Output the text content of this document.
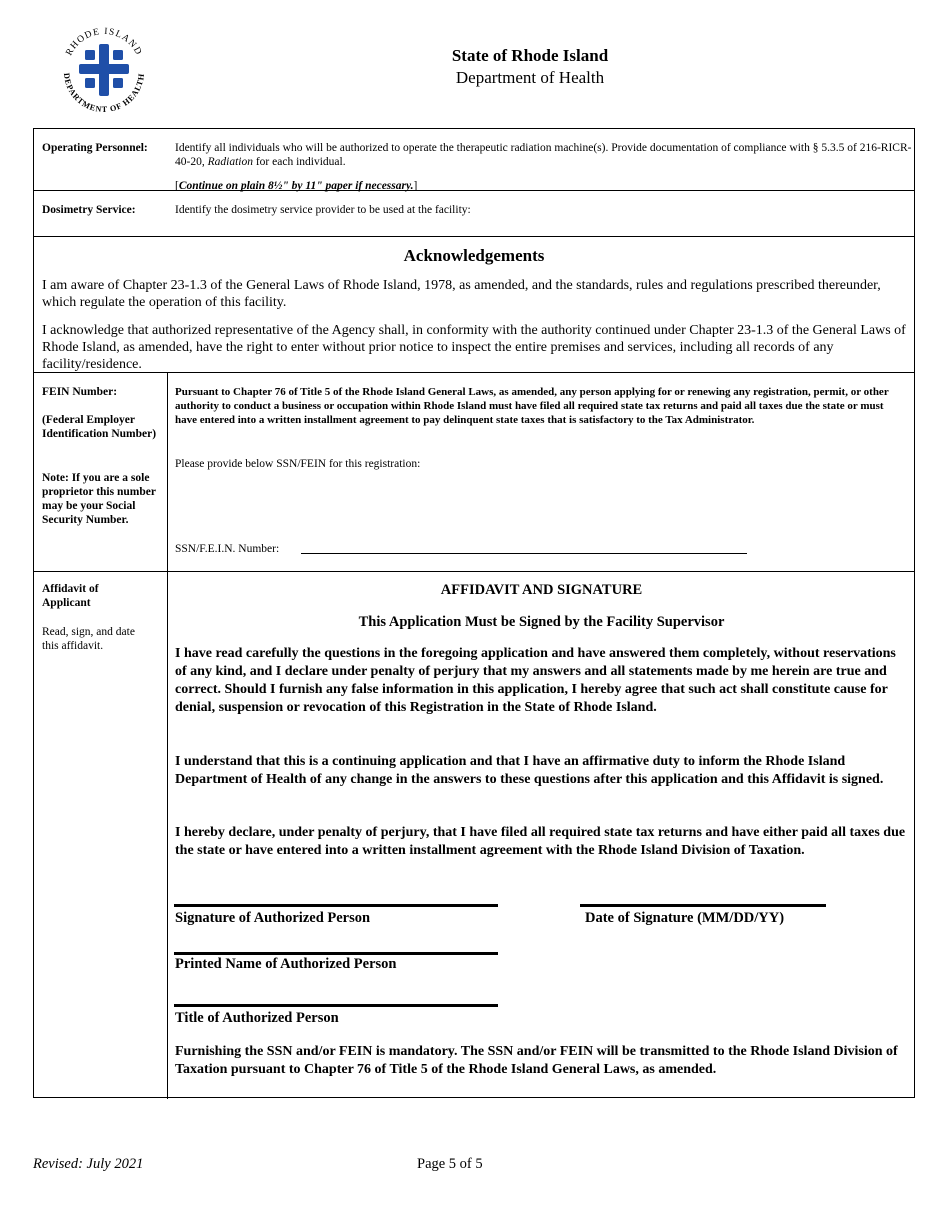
RHODE ISLAND
DEPARTMENT OF HEALTH
State of Rhode Island
Department of Health
Operating Personnel: Identify all individuals who will be authorized to operate the therapeutic radiation machine(s). Provide documentation of compliance with § 5.3.5 of 216-RICR-40-20, Radiation for each individual.
[Continue on plain 8½" by 11" paper if necessary.]
Dosimetry Service:	Identify the dosimetry service provider to be used at the facility:
Acknowledgements
I am aware of Chapter 23-1.3 of the General Laws of Rhode Island, 1978, as amended, and the standards, rules and regulations prescribed thereunder, which regulate the operation of this facility.
I acknowledge that authorized representative of the Agency shall, in conformity with the authority continued under Chapter 23-1.3 of the General Laws of Rhode Island, as amended, have the right to enter without prior notice to inspect the entire premises and services, including all records of any facility/residence.
FEIN Number:
(Federal Employer Identification Number)
Note: If you are a sole proprietor this number may be your Social Security Number.
Pursuant to Chapter 76 of Title 5 of the Rhode Island General Laws, as amended, any person applying for or renewing any registration, permit, or other authority to conduct a business or occupation within Rhode Island must have filed all required state tax returns and paid all taxes due the state or must have entered into a written installment agreement to pay delinquent state taxes that is satisfactory to the Tax Administrator.
Please provide below SSN/FEIN for this registration:
SSN/F.E.I.N. Number:
Affidavit of Applicant
Read, sign, and date this affidavit.
AFFIDAVIT AND SIGNATURE
This Application Must be Signed by the Facility Supervisor
I have read carefully the questions in the foregoing application and have answered them completely, without reservations of any kind, and I declare under penalty of perjury that my answers and all statements made by me herein are true and correct. Should I furnish any false information in this application, I hereby agree that such act shall constitute cause for denial, suspension or revocation of this Registration in the State of Rhode Island.
I understand that this is a continuing application and that I have an affirmative duty to inform the Rhode Island Department of Health of any change in the answers to these questions after this application and this Affidavit is signed.
I hereby declare, under penalty of perjury, that I have filed all required state tax returns and have either paid all taxes due the state or have entered into a written installment agreement with the Rhode Island Division of Taxation.
Signature of Authorized Person	Date of Signature (MM/DD/YY)
Printed Name of Authorized Person
Title of Authorized Person
Furnishing the SSN and/or FEIN is mandatory. The SSN and/or FEIN will be transmitted to the Rhode Island Division of Taxation pursuant to Chapter 76 of Title 5 of the Rhode Island General Laws, as amended.
Revised: July 2021	Page 5 of 5
